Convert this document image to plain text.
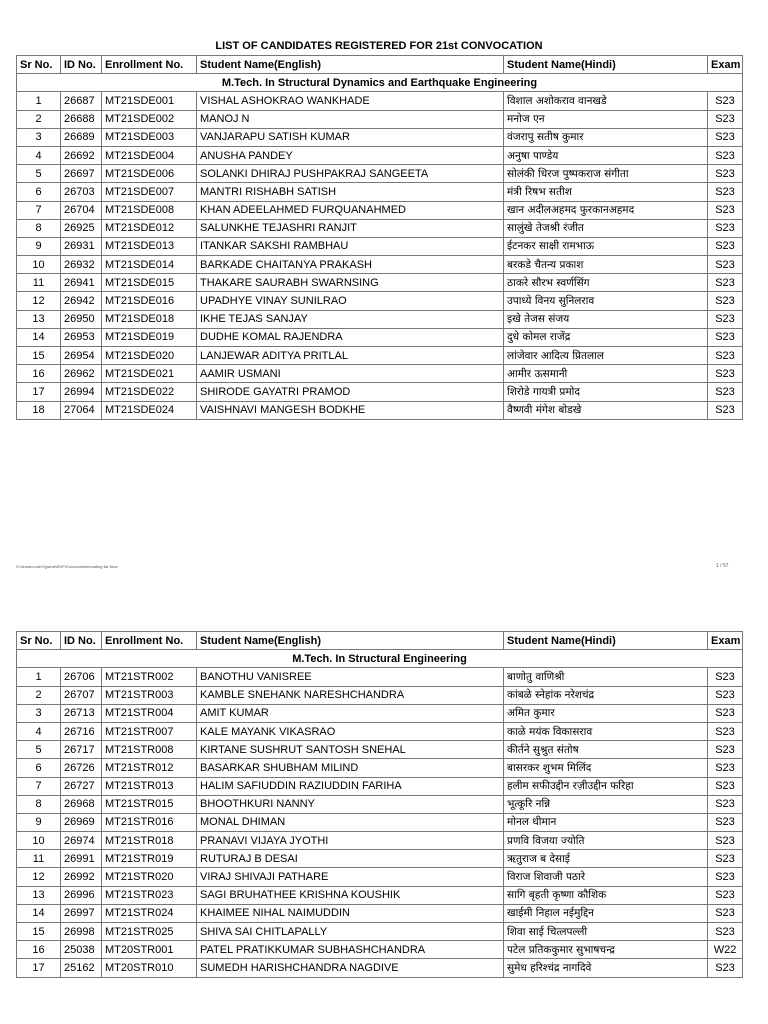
LIST OF CANDIDATES REGISTERED FOR 21st CONVOCATION
Sr No.	ID No.	Enrollment No.	Student Name(English)	Student Name(Hindi)	Exam
M.Tech. In Structural Dynamics and Earthquake Engineering					
1	26687	MT21SDE001	VISHAL ASHOKRAO WANKHADE	विशाल अशोकराव वानखडे	S23
2	26688	MT21SDE002	MANOJ N	मनोज एन	S23
3	26689	MT21SDE003	VANJARAPU SATISH KUMAR	वंजरापु सतीष कुमार	S23
4	26692	MT21SDE004	ANUSHA PANDEY	अनुषा पाण्डेय	S23
5	26697	MT21SDE006	SOLANKI DHIRAJ PUSHPAKRAJ SANGEETA	सोलंकी धिरज पुष्पकराज संगीता	S23
6	26703	MT21SDE007	MANTRI RISHABH SATISH	मंत्री रिषभ सतीश	S23
7	26704	MT21SDE008	KHAN ADEELAHMED FURQUANAHMED	खान अदीलअहमद फुरकानअहमद	S23
8	26925	MT21SDE012	SALUNKHE TEJASHRI RANJIT	सालुंखे तेजश्री रंजीत	S23
9	26931	MT21SDE013	ITANKAR SAKSHI RAMBHAU	ईटनकर साक्षी रामभाऊ	S23
10	26932	MT21SDE014	BARKADE CHAITANYA PRAKASH	बरकडे चैतन्य प्रकाश	S23
11	26941	MT21SDE015	THAKARE SAURABH SWARNSING	ठाकरे सौरभ स्वर्णसिंग	S23
12	26942	MT21SDE016	UPADHYE VINAY SUNILRAO	उपाध्ये विनय सुनिलराव	S23
13	26950	MT21SDE018	IKHE TEJAS SANJAY	इखे तेजस संजय	S23
14	26953	MT21SDE019	DUDHE KOMAL RAJENDRA	दुधे कोमल राजेंद्र	S23
15	26954	MT21SDE020	LANJEWAR ADITYA PRITLAL	लांजेवार आदित्य प्रितलाल	S23
16	26962	MT21SDE021	AAMIR USMANI	आमीर ऊसमानी	S23
17	26994	MT21SDE022	SHIRODE GAYATRI PRAMOD	शिरोडे गायत्री प्रमोद	S23
18	27064	MT21SDE024	VAISHNAVI MANGESH BODKHE	वैष्णवी मंगेश बोडखे	S23
G:\shared-site\Vjparwi\EDP\Convocation\reading list New	1 / 57
Sr No.	ID No.	Enrollment No.	Student Name(English)	Student Name(Hindi)	Exam
M.Tech. In Structural Engineering					
1	26706	MT21STR002	BANOTHU VANISREE	बाणोतु वाणिश्री	S23
2	26707	MT21STR003	KAMBLE SNEHANK NARESHCHANDRA	कांबळे स्नेहांक नरेशचंद्र	S23
3	26713	MT21STR004	AMIT KUMAR	अमित कुमार	S23
4	26716	MT21STR007	KALE MAYANK VIKASRAO	काळे मयंक विकासराव	S23
5	26717	MT21STR008	KIRTANE SUSHRUT SANTOSH SNEHAL	कीर्तने सुश्रुत संतोष	S23
6	26726	MT21STR012	BASARKAR SHUBHAM MILIND	बासरकर शुभम मिलिंद	S23
7	26727	MT21STR013	HALIM SAFIUDDIN RAZIUDDIN FARIHA	हलीम सफीउद्दीन रज़ीउद्दीन फरिहा	S23
8	26968	MT21STR015	BHOOTHKURI NANNY	भूत्कूरि नन्नि	S23
9	26969	MT21STR016	MONAL DHIMAN	मोनल धीमान	S23
10	26974	MT21STR018	PRANAVI VIJAYA JYOTHI	प्रणवि विजया ज्योति	S23
11	26991	MT21STR019	RUTURAJ B DESAI	ऋतुराज ब देसाई	S23
12	26992	MT21STR020	VIRAJ SHIVAJI PATHARE	विराज शिवाजी पठारे	S23
13	26996	MT21STR023	SAGI BRUHATHEE KRISHNA KOUSHIK	सागि बृहती कृष्णा कौशिक	S23
14	26997	MT21STR024	KHAIMEE NIHAL NAIMUDDIN	खाईमी निहाल नईमुद्दिन	S23
15	26998	MT21STR025	SHIVA SAI CHITLAPALLY	शिवा साई चित्लपल्ली	S23
16	25038	MT20STR001	PATEL PRATIKKUMAR SUBHASHCHANDRA	पटेल प्रतिककुमार सुभाषचन्द्र	W22
17	25162	MT20STR010	SUMEDH HARISHCHANDRA NAGDIVE	सुमेध हरिश्चंद्र नागदिवे	S23
